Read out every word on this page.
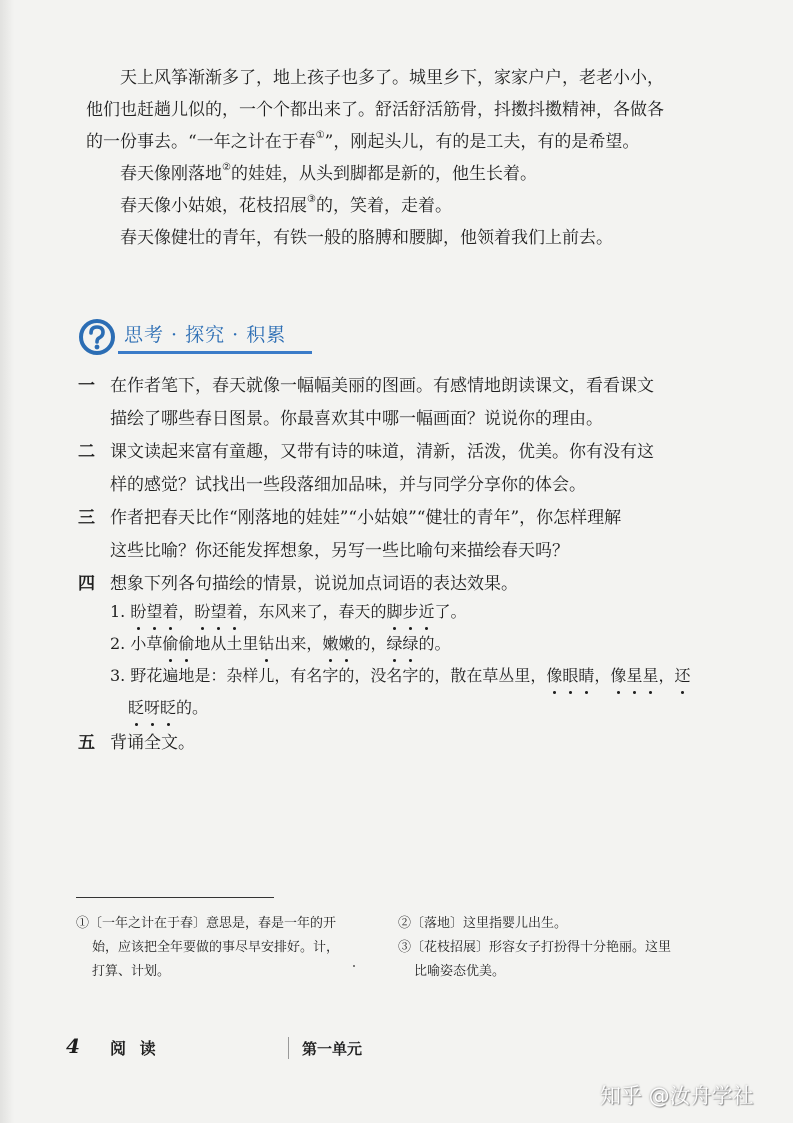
天上风筝渐渐多了，地上孩子也多了。城里乡下，家家户户，老老小小，
他们也赶趟儿似的，一个个都出来了。舒活舒活筋骨，抖擞抖擞精神，各做各
的一份事去。“一年之计在于春①”，刚起头儿，有的是工夫，有的是希望。
春天像刚落地②的娃娃，从头到脚都是新的，他生长着。
春天像小姑娘，花枝招展③的，笑着，走着。
春天像健壮的青年，有铁一般的胳膊和腰脚，他领着我们上前去。
思考 · 探究 · 积累
一 在作者笔下，春天就像一幅幅美丽的图画。有感情地朗读课文，看看课文
描绘了哪些春日图景。你最喜欢其中哪一幅画面？说说你的理由。
二 课文读起来富有童趣，又带有诗的味道，清新，活泼，优美。你有没有这
样的感觉？试找出一些段落细加品味，并与同学分享你的体会。
三 作者把春天比作“刚落地的娃娃”“小姑娘”“健壮的青年”，你怎样理解
这些比喻？你还能发挥想象，另写一些比喻句来描绘春天吗？
四 想象下列各句描绘的情景，说说加点词语的表达效果。
1. 盼望着，盼望着，东风来了，春天的脚步近了。
2. 小草偷偷地从土里钻出来，嫩嫩的，绿绿的。
3. 野花遍地是：杂样儿，有名字的，没名字的，散在草丛里，像眼睛，像星星，还
眨呀眨的。
五 背诵全文。
①〔一年之计在于春〕意思是，春是一年的开
始，应该把全年要做的事尽早安排好。计，
打算、计划。
②〔落地〕这里指婴儿出生。
③〔花枝招展〕形容女子打扮得十分艳丽。这里
比喻姿态优美。
4 阅 读	第一单元
知乎 @汝舟学社
